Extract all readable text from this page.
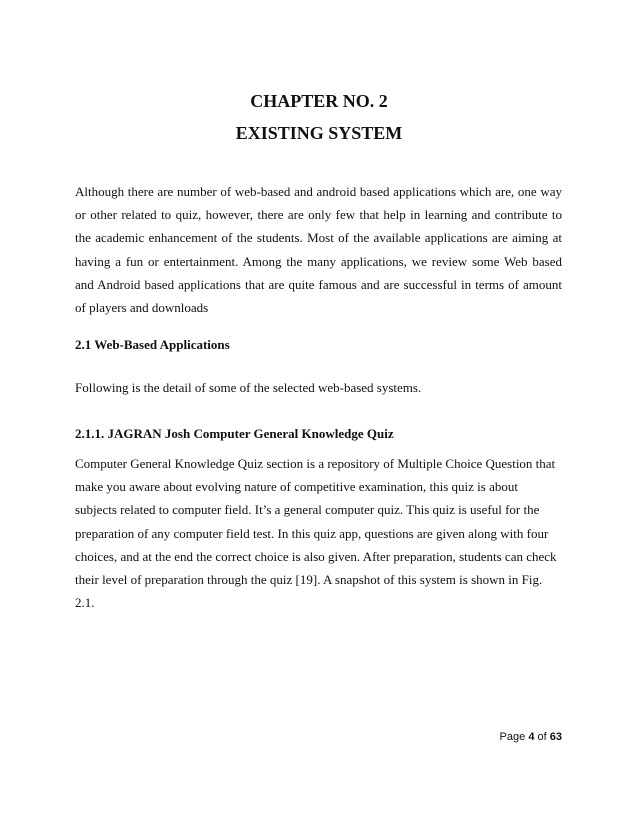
CHAPTER NO. 2
EXISTING SYSTEM
Although there are number of web-based and android based applications which are, one way or other related to quiz, however, there are only few that help in learning and contribute to the academic enhancement of the students. Most of the available applications are aiming at having a fun or entertainment. Among the many applications, we review some Web based and Android based applications that are quite famous and are successful in terms of amount of players and downloads
2.1 Web-Based Applications
Following is the detail of some of the selected web-based systems.
2.1.1. JAGRAN Josh Computer General Knowledge Quiz
Computer General Knowledge Quiz section is a repository of Multiple Choice Question that make you aware about evolving nature of competitive examination, this quiz is about subjects related to computer field. It’s a general computer quiz. This quiz is useful for the preparation of any computer field test. In this quiz app, questions are given along with four choices, and at the end the correct choice is also given. After preparation, students can check their level of preparation through the quiz [19]. A snapshot of this system is shown in Fig. 2.1.
Page 4 of 63
